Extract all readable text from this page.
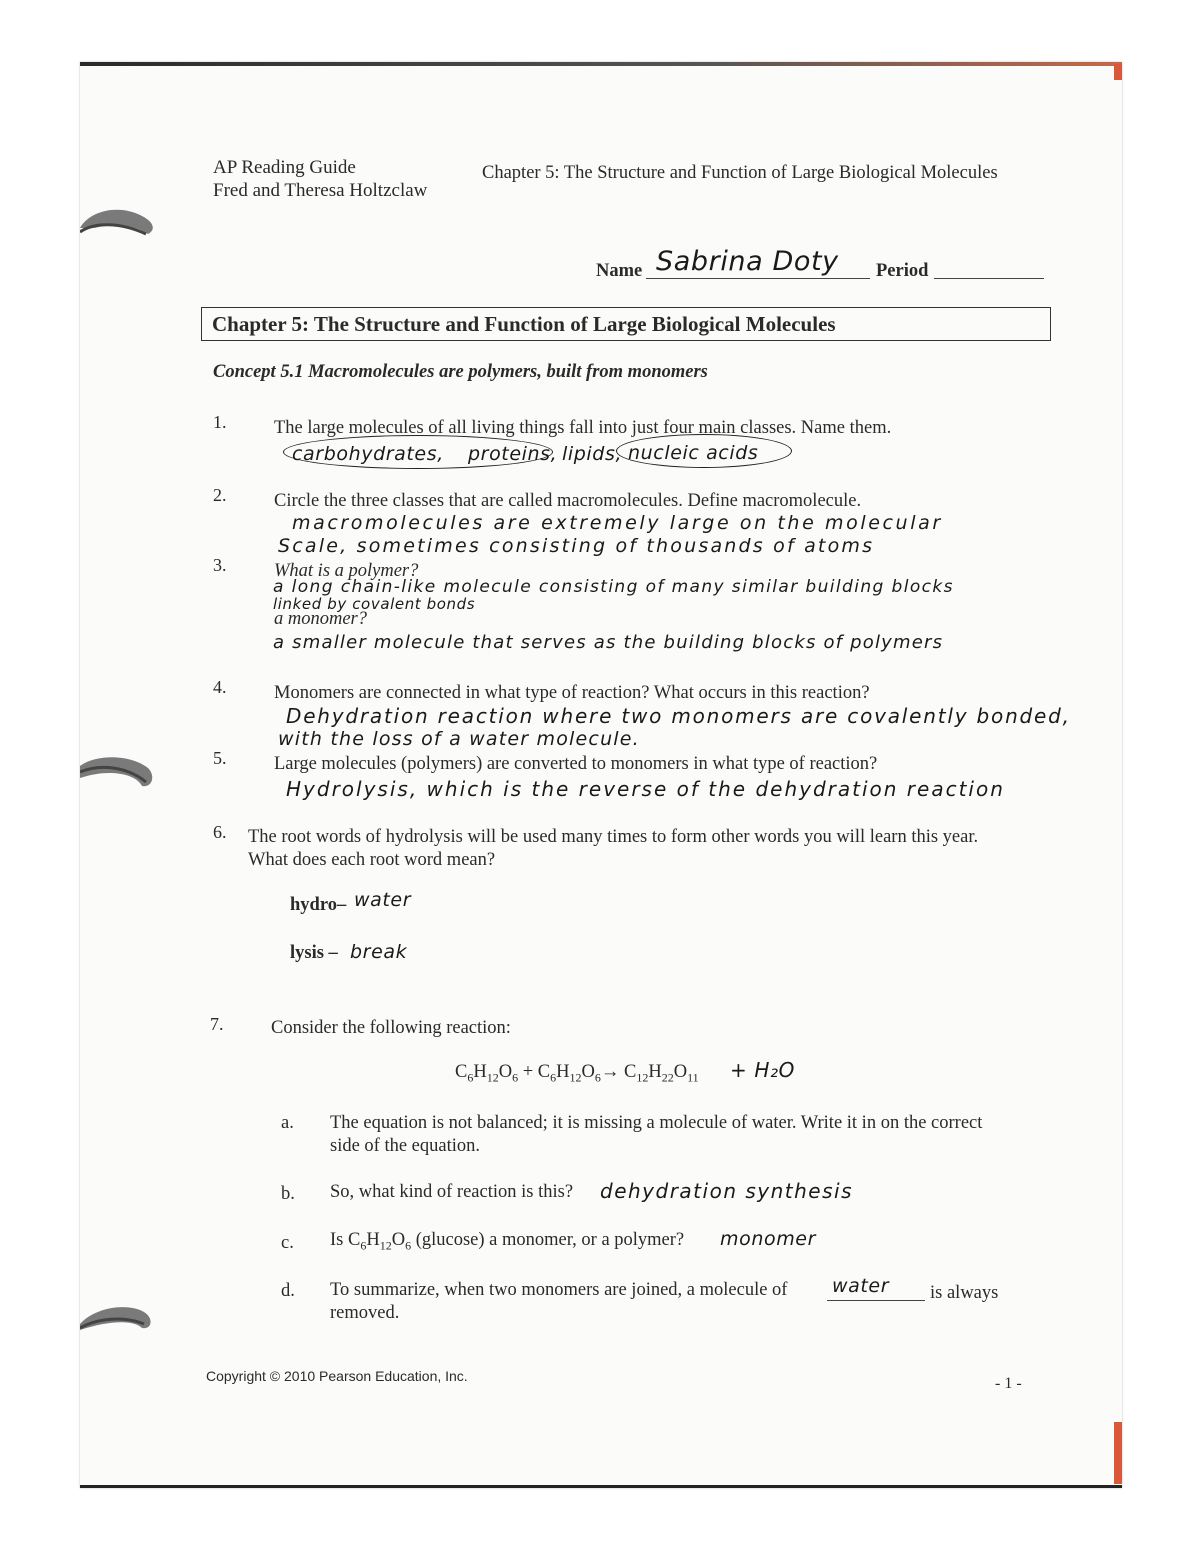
AP Reading Guide
Fred and Theresa Holtzclaw
Chapter 5: The Structure and Function of Large Biological Molecules
Name Sabrina Doty Period
Chapter 5: The Structure and Function of Large Biological Molecules
Concept 5.1 Macromolecules are polymers, built from monomers
1.	The large molecules of all living things fall into just four main classes. Name them.
carbohydrates, proteins, lipids, nucleic acids
2.	Circle the three classes that are called macromolecules. Define macromolecule.
macromolecules are extremely large on the molecular
Scale, sometimes consisting of thousands of atoms
3.	What is a polymer?
a long chain-like molecule consisting of many similar building blocks
linked by covalent bonds
a monomer?
a smaller molecule that serves as the building blocks of polymers
4.	Monomers are connected in what type of reaction? What occurs in this reaction?
Dehydration reaction where two monomers are covalently bonded,
with the loss of a water molecule.
5.	Large molecules (polymers) are converted to monomers in what type of reaction?
Hydrolysis, which is the reverse of the dehydration reaction
6. The root words of hydrolysis will be used many times to form other words you will learn this year.
What does each root word mean?
hydro– water
lysis – break
7.	Consider the following reaction:
$C_6H_{12}O_6 + C_6H_{12}O_6\to C_{12}H_{22}O_{11} + H_2O$
a. The equation is not balanced; it is missing a molecule of water. Write it in on the correct
side of the equation.
b. So, what kind of reaction is this? dehydration synthesis
c. Is $C_6H_{12}O_6$ (glucose) a monomer, or a polymer? monomer
d. To summarize, when two monomers are joined, a molecule of water is always
removed.
Copyright © 2010 Pearson Education, Inc.	- 1 -
